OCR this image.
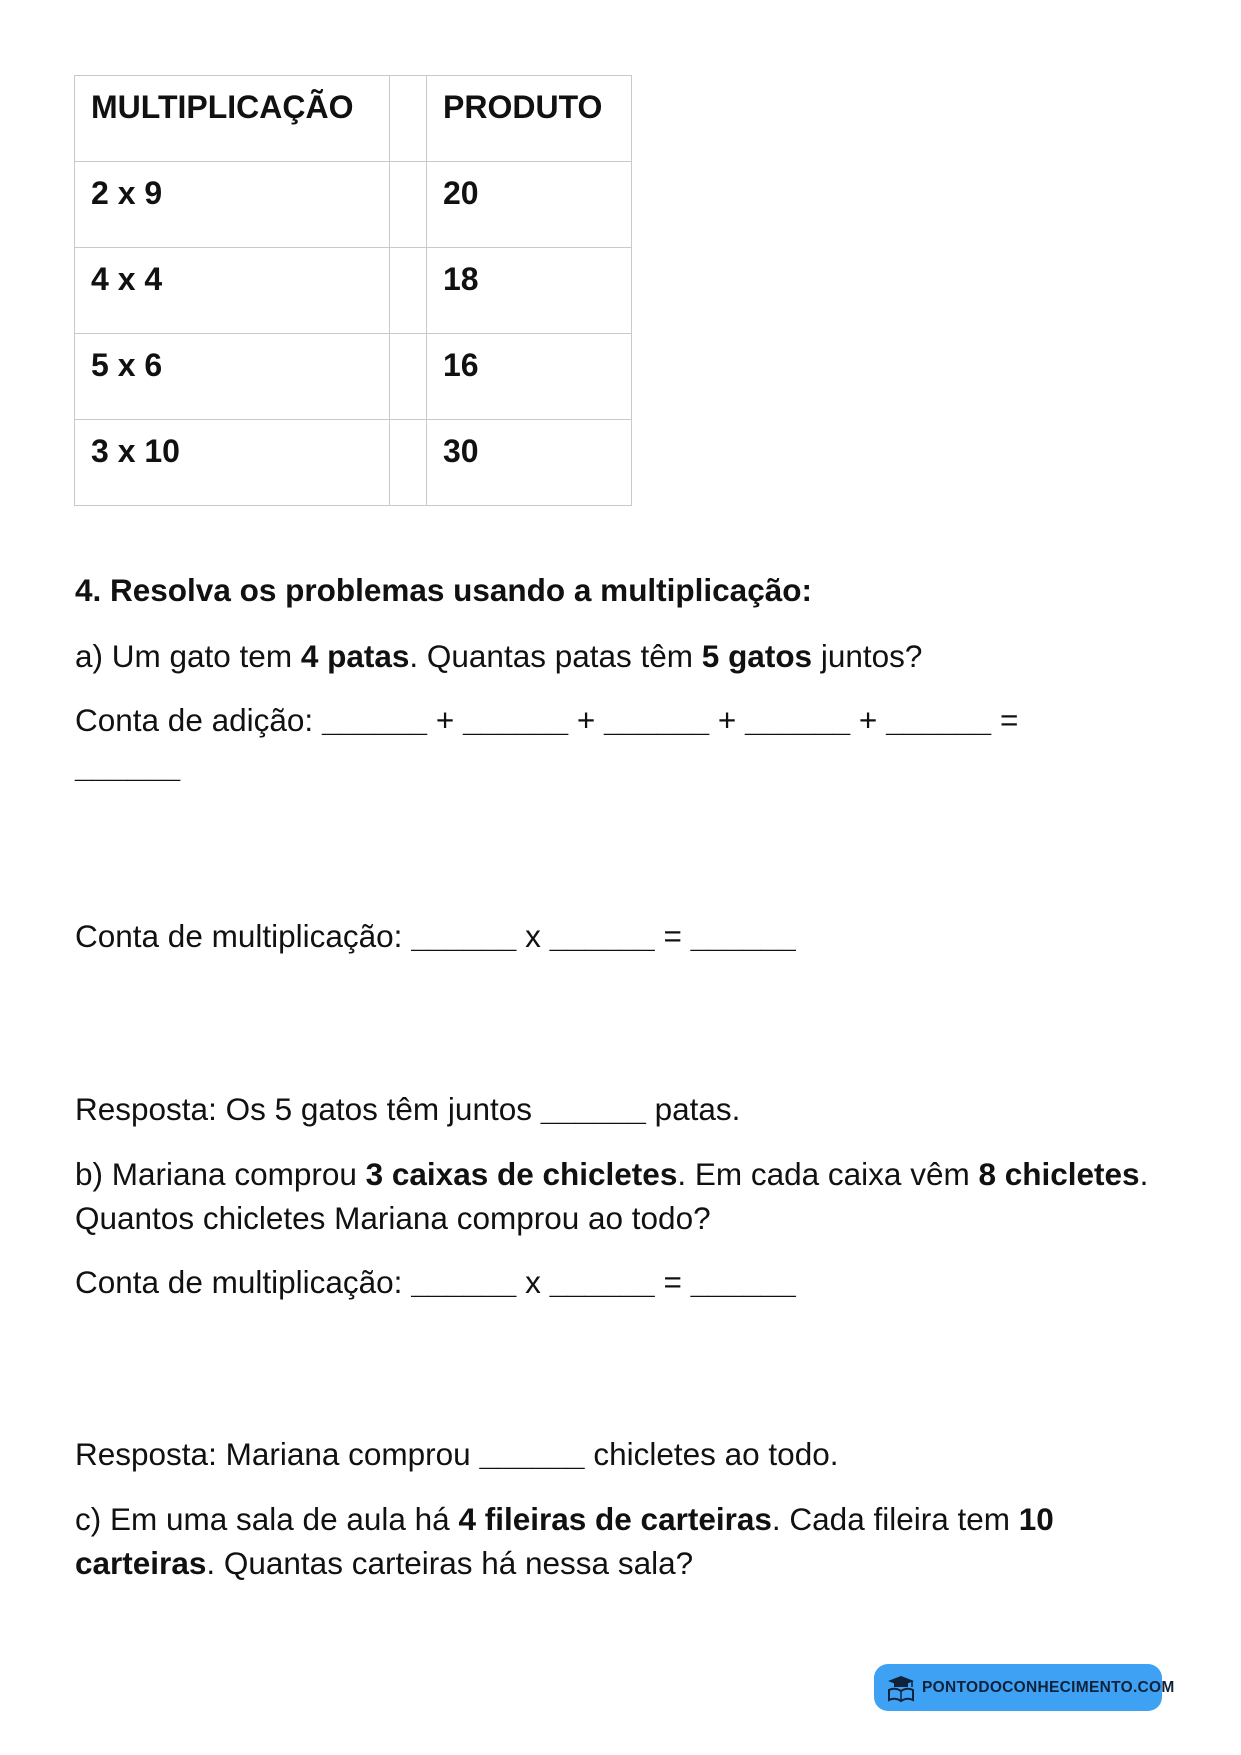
MULTIPLICAÇÃO		PRODUTO

2 x 9		20

4 x 4		18

5 x 6		16

3 x 10		30
4. Resolva os problemas usando a multiplicação:
a) Um gato tem 4 patas. Quantas patas têm 5 gatos juntos?
Conta de adição: ______ + ______ + ______ + ______ + ______ =
______
Conta de multiplicação: ______ x ______ = ______
Resposta: Os 5 gatos têm juntos ______ patas.
b) Mariana comprou 3 caixas de chicletes. Em cada caixa vêm 8 chicletes. Quantos chicletes Mariana comprou ao todo?
Conta de multiplicação: ______ x ______ = ______
Resposta: Mariana comprou ______ chicletes ao todo.
c) Em uma sala de aula há 4 fileiras de carteiras. Cada fileira tem 10 carteiras. Quantas carteiras há nessa sala?
PONTODOCONHECIMENTO.COM
